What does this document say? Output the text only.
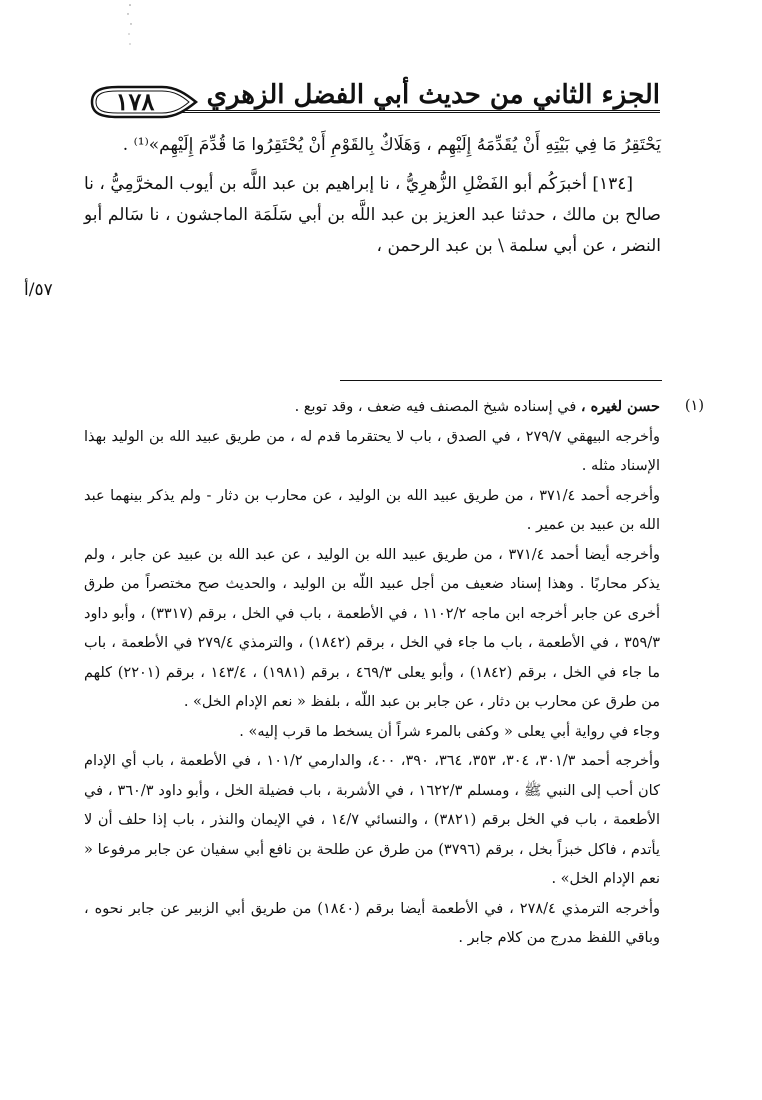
الجزء الثاني من حديث أبي الفضل الزهري
١٧٨

يَحْتَقِرُ مَا فِي بَيْتِهِ أَنْ يُقَدِّمَهُ إِلَيْهِم ، وَهَلَاكٌ بِالقَوْمِ أَنْ يُحْتَقِرُوا مَا قُدِّمَ إِلَيْهِم»⁽¹⁾ .

[١٣٤] أخبرَكُم أبو الفَضْلِ الزُّهرِيُّ ، نا إبراهيم بن عبد اللَّه بن أيوب المخرَّمِيُّ ، نا صالح بن مالك ، حدثنا عبد العزيز بن عبد اللَّه بن أبي سَلَمَة الماجشون ، نا سَالم أبو النضر ، عن أبي سلمة \ بن عبد الرحمن ،

٥٧/أ
(١)

حسن لغيره ، في إسناده شيخ المصنف فيه ضعف ، وقد توبع .

وأخرجه البيهقي ٢٧٩/٧ ، في الصدق ، باب لا يحتقرما قدم له ، من طريق عبيد الله بن الوليد بهذا الإسناد مثله .

وأخرجه أحمد ٣٧١/٤ ، من طريق عبيد الله بن الوليد ، عن محارب بن دثار - ولم يذكر بينهما عبد الله بن عبيد بن عمير .

وأخرجه أيضا أحمد ٣٧١/٤ ، من طريق عبيد الله بن الوليد ، عن عبد الله بن عبيد عن جابر ، ولم يذكر محاربًا . وهذا إسناد ضعيف من أجل عبيد اللّه بن الوليد ، والحديث صح مختصراً من طرق أخرى عن جابر أخرجه ابن ماجه ١١٠٢/٢ ، في الأطعمة ، باب في الخل ، برقم (٣٣١٧) ، وأبو داود ٣٥٩/٣ ، في الأطعمة ، باب ما جاء في الخل ، برقم (١٨٤٢) ، والترمذي ٢٧٩/٤ في الأطعمة ، باب ما جاء في الخل ، برقم (١٨٤٢) ، وأبو يعلى ٤٦٩/٣ ، برقم (١٩٨١) ، ١٤٣/٤ ، برقم (٢٢٠١) كلهم من طرق عن محارب بن دثار ، عن جابر بن عبد اللّه ، بلفظ « نعم الإدام الخل» .

وجاء في رواية أبي يعلى « وكفى بالمرء شراً أن يسخط ما قرب إليه» .

وأخرجه أحمد ٣٠١/٣، ٣٠٤، ٣٥٣، ٣٦٤، ٣٩٠، ٤٠٠، والدارمي ١٠١/٢ ، في الأطعمة ، باب أي الإدام كان أحب إلى النبي ﷺ ، ومسلم ١٦٢٢/٣ ، في الأشربة ، باب فضيلة الخل ، وأبو داود ٣٦٠/٣ ، في الأطعمة ، باب في الخل برقم (٣٨٢١) ، والنسائي ١٤/٧ ، في الإيمان والنذر ، باب إذا حلف أن لا يأتدم ، فاكل خبزاً بخل ، برقم (٣٧٩٦) من طرق عن طلحة بن نافع أبي سفيان عن جابر مرفوعا « نعم الإدام الخل» .

وأخرجه الترمذي ٢٧٨/٤ ، في الأطعمة أيضا برقم (١٨٤٠) من طريق أبي الزبير عن جابر نحوه ، وباقي اللفظ مدرج من كلام جابر .
